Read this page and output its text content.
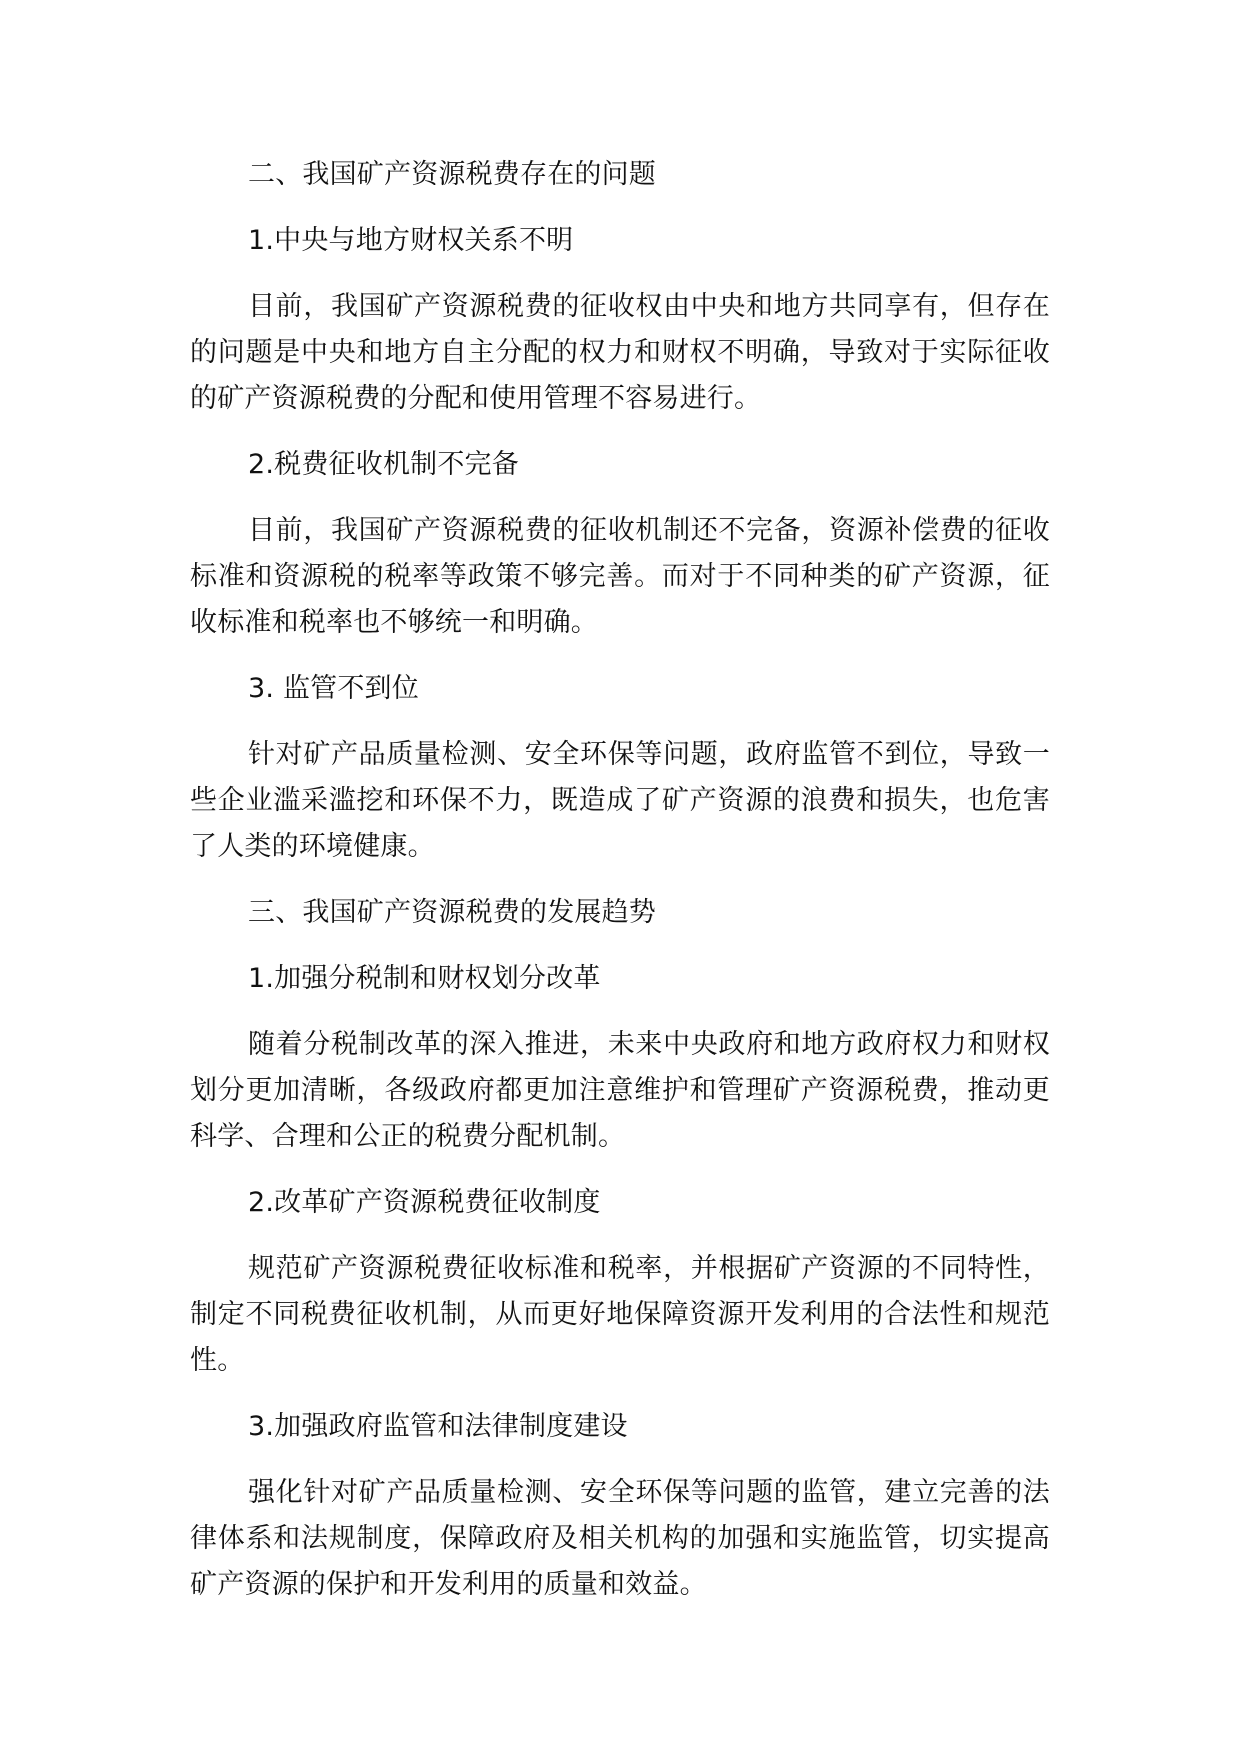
二、我国矿产资源税费存在的问题

1.中央与地方财权关系不明

目前，我国矿产资源税费的征收权由中央和地方共同享有，但存在的问题是中央和地方自主分配的权力和财权不明确，导致对于实际征收的矿产资源税费的分配和使用管理不容易进行。

2.税费征收机制不完备

目前，我国矿产资源税费的征收机制还不完备，资源补偿费的征收标准和资源税的税率等政策不够完善。而对于不同种类的矿产资源，征收标准和税率也不够统一和明确。

3. 监管不到位

针对矿产品质量检测、安全环保等问题，政府监管不到位，导致一些企业滥采滥挖和环保不力，既造成了矿产资源的浪费和损失，也危害了人类的环境健康。

三、我国矿产资源税费的发展趋势

1.加强分税制和财权划分改革

随着分税制改革的深入推进，未来中央政府和地方政府权力和财权划分更加清晰，各级政府都更加注意维护和管理矿产资源税费，推动更科学、合理和公正的税费分配机制。

2.改革矿产资源税费征收制度

规范矿产资源税费征收标准和税率，并根据矿产资源的不同特性，制定不同税费征收机制，从而更好地保障资源开发利用的合法性和规范性。

3.加强政府监管和法律制度建设

强化针对矿产品质量检测、安全环保等问题的监管，建立完善的法律体系和法规制度，保障政府及相关机构的加强和实施监管，切实提高矿产资源的保护和开发利用的质量和效益。
